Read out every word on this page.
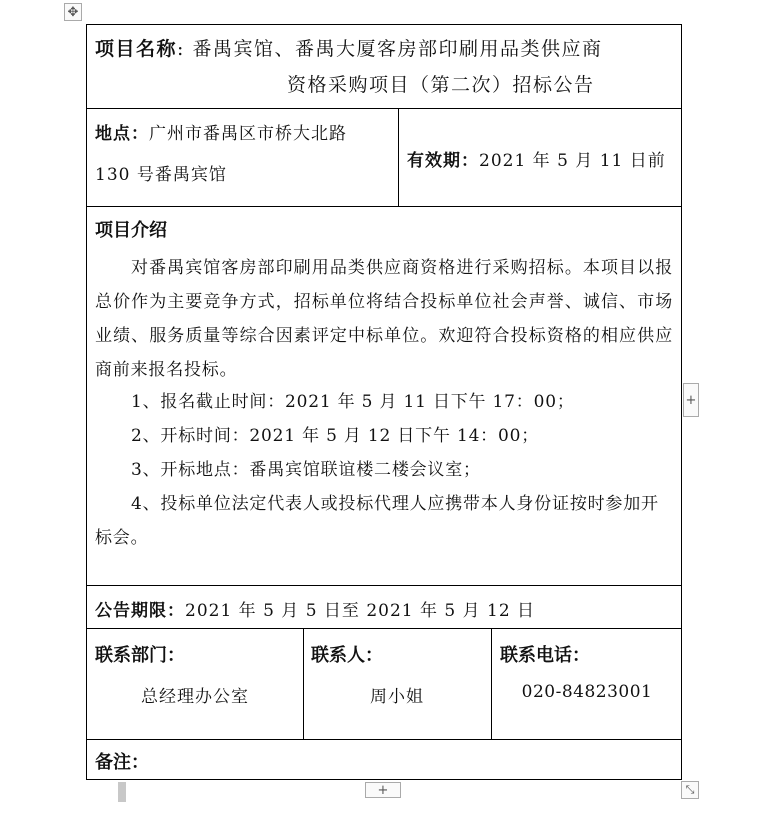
✥
+
+	⤡
项目名称: 番禺宾馆、番禺大厦客房部印刷用品类供应商
资格采购项目（第二次）招标公告
地点：广州市番禺区市桥大北路
130 号番禺宾馆
有效期：2021 年 5 月 11 日前
项目介绍
对番禺宾馆客房部印刷用品类供应商资格进行采购招标。本项目以报总价作为主要竞争方式，招标单位将结合投标单位社会声誉、诚信、市场业绩、服务质量等综合因素评定中标单位。欢迎符合投标资格的相应供应商前来报名投标。
1、报名截止时间：2021 年 5 月 11 日下午 17：00；
2、开标时间：2021 年 5 月 12 日下午 14：00；
3、开标地点：番禺宾馆联谊楼二楼会议室；
4、投标单位法定代表人或投标代理人应携带本人身份证按时参加开标会。
公告期限：2021 年 5 月 5 日至 2021 年 5 月 12 日
联系部门：
总经理办公室
联系人：
周小姐
联系电话：
020-84823001
备注：
